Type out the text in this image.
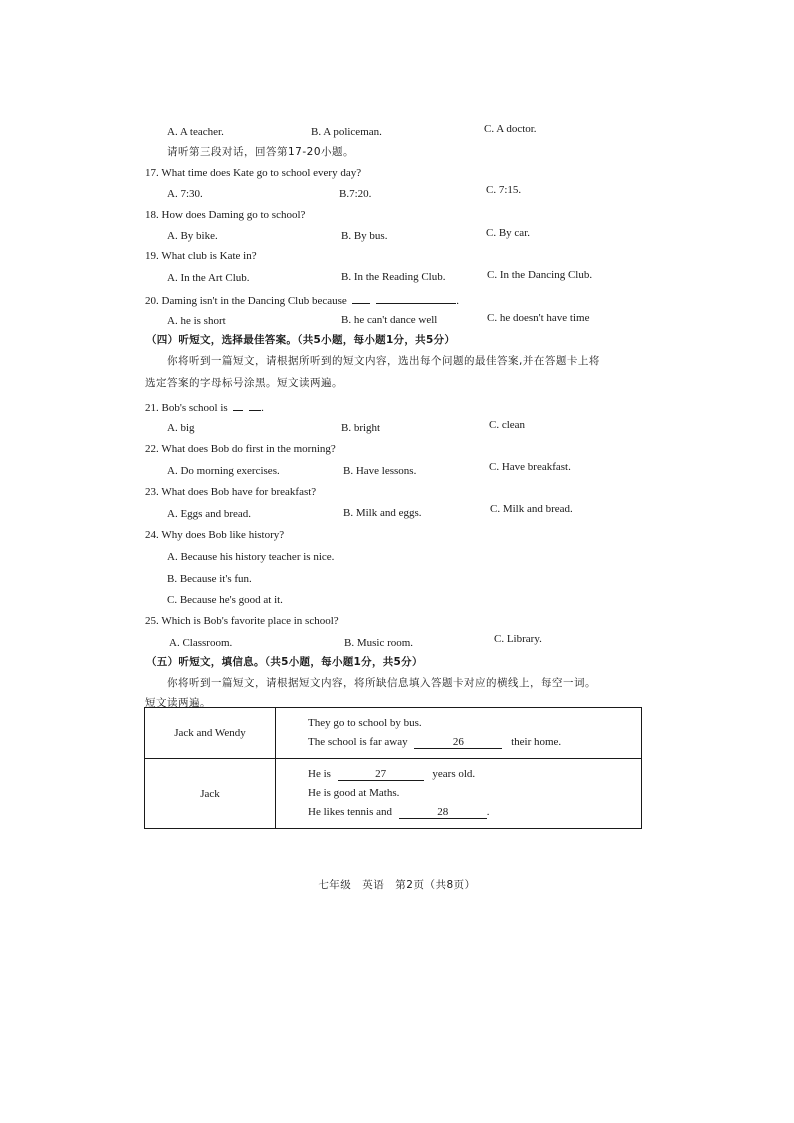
A. A teacher.	B. A policeman.	C. A doctor.
请听第三段对话，回答第17-20小题。
17. What time does Kate go to school every day?
A. 7:30.	B.7:20.	C. 7:15.
18. How does Daming go to school?
A. By bike.	B. By bus.	C. By car.
19. What club is Kate in?
A. In the Art Club.	B. In the Reading Club.	C. In the Dancing Club.
20. Daming isn't in the Dancing Club because	.
A. he is short	B. he can't dance well	C. he doesn't have time
（四）听短文，选择最佳答案。（共5小题，每小题1分，共5分）
你将听到一篇短文，请根据所听到的短文内容，选出每个问题的最佳答案,并在答题卡上将
选定答案的字母标号涂黑。短文读两遍。
21. Bob's school is	.
A. big	B. bright	C. clean
22. What does Bob do first in the morning?
A. Do morning exercises.	B. Have lessons.	C. Have breakfast.
23. What does Bob have for breakfast?
A. Eggs and bread.	B. Milk and eggs.	C. Milk and bread.
24. Why does Bob like history?
A. Because his history teacher is nice.
B. Because it's fun.
C. Because he's good at it.
25. Which is Bob's favorite place in school?
A. Classroom.	B. Music room.	C. Library.
（五）听短文，填信息。（共5小题，每小题1分，共5分）
你将听到一篇短文，请根据短文内容，将所缺信息填入答题卡对应的横线上，每空一词。
短文读两遍。
Jack and Wendy	They go to school by bus.
The school is far away 26 their home.

Jack	He is 27 years old.
He is good at Maths.
He likes tennis and 28 .
七年级　英语　第2页（共8页）
